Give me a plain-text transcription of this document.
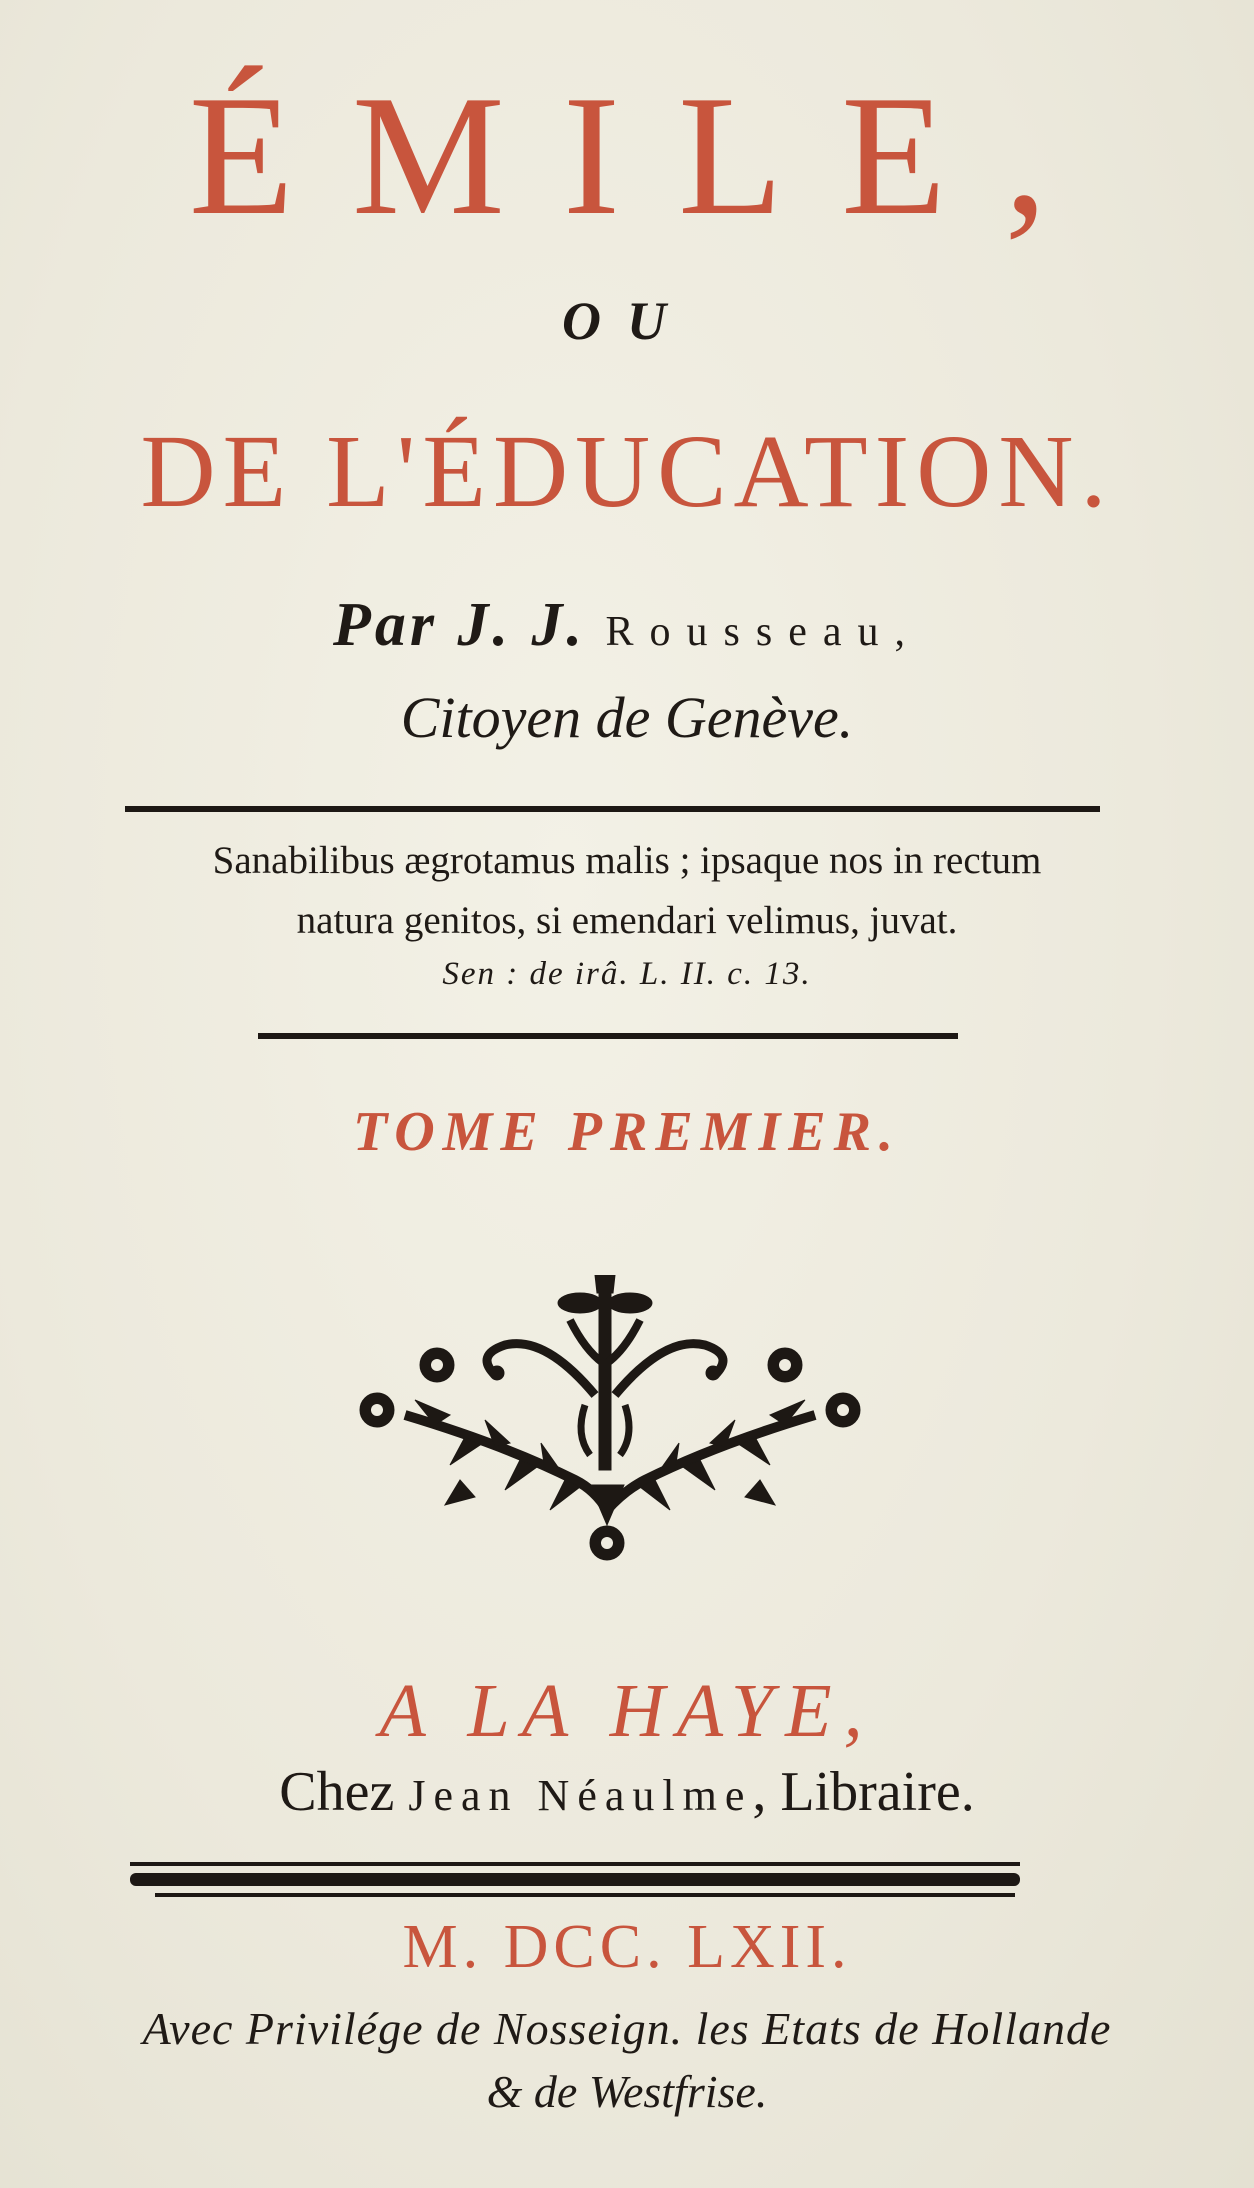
ÉMILE,
OU
DE L'ÉDUCATION.
Par J. J. Rousseau,
Citoyen de Genève.
Sanabilibus ægrotamus malis ; ipsaque nos in rectum
natura genitos, si emendari velimus, juvat.
Sen : de irâ. L. II. c. 13.
TOME PREMIER.
A LA HAYE,
Chez Jean Néaulme, Libraire.
M. DCC. LXII.
Avec Privilége de Nosseign. les Etats de Hollande
& de Westfrise.
